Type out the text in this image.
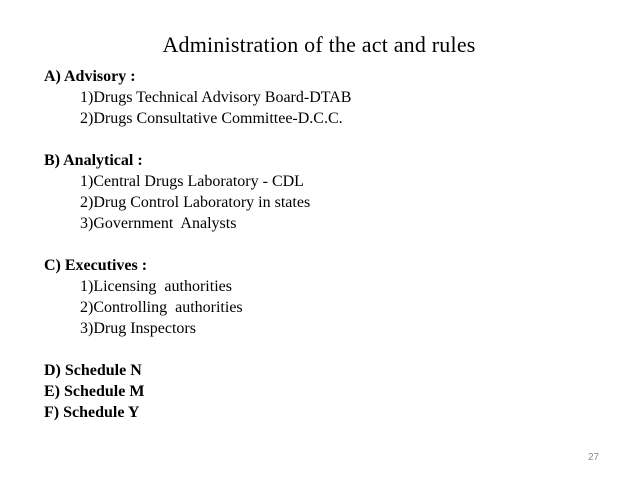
Administration of the act and rules

A) Advisory :

1)Drugs Technical Advisory Board-DTAB

2)Drugs Consultative Committee-D.C.C.

B) Analytical :

1)Central Drugs Laboratory - CDL

2)Drug Control Laboratory in states

3)Government  Analysts

C) Executives :

1)Licensing  authorities

2)Controlling  authorities

3)Drug Inspectors

D) Schedule N

E) Schedule M

F) Schedule Y

27
